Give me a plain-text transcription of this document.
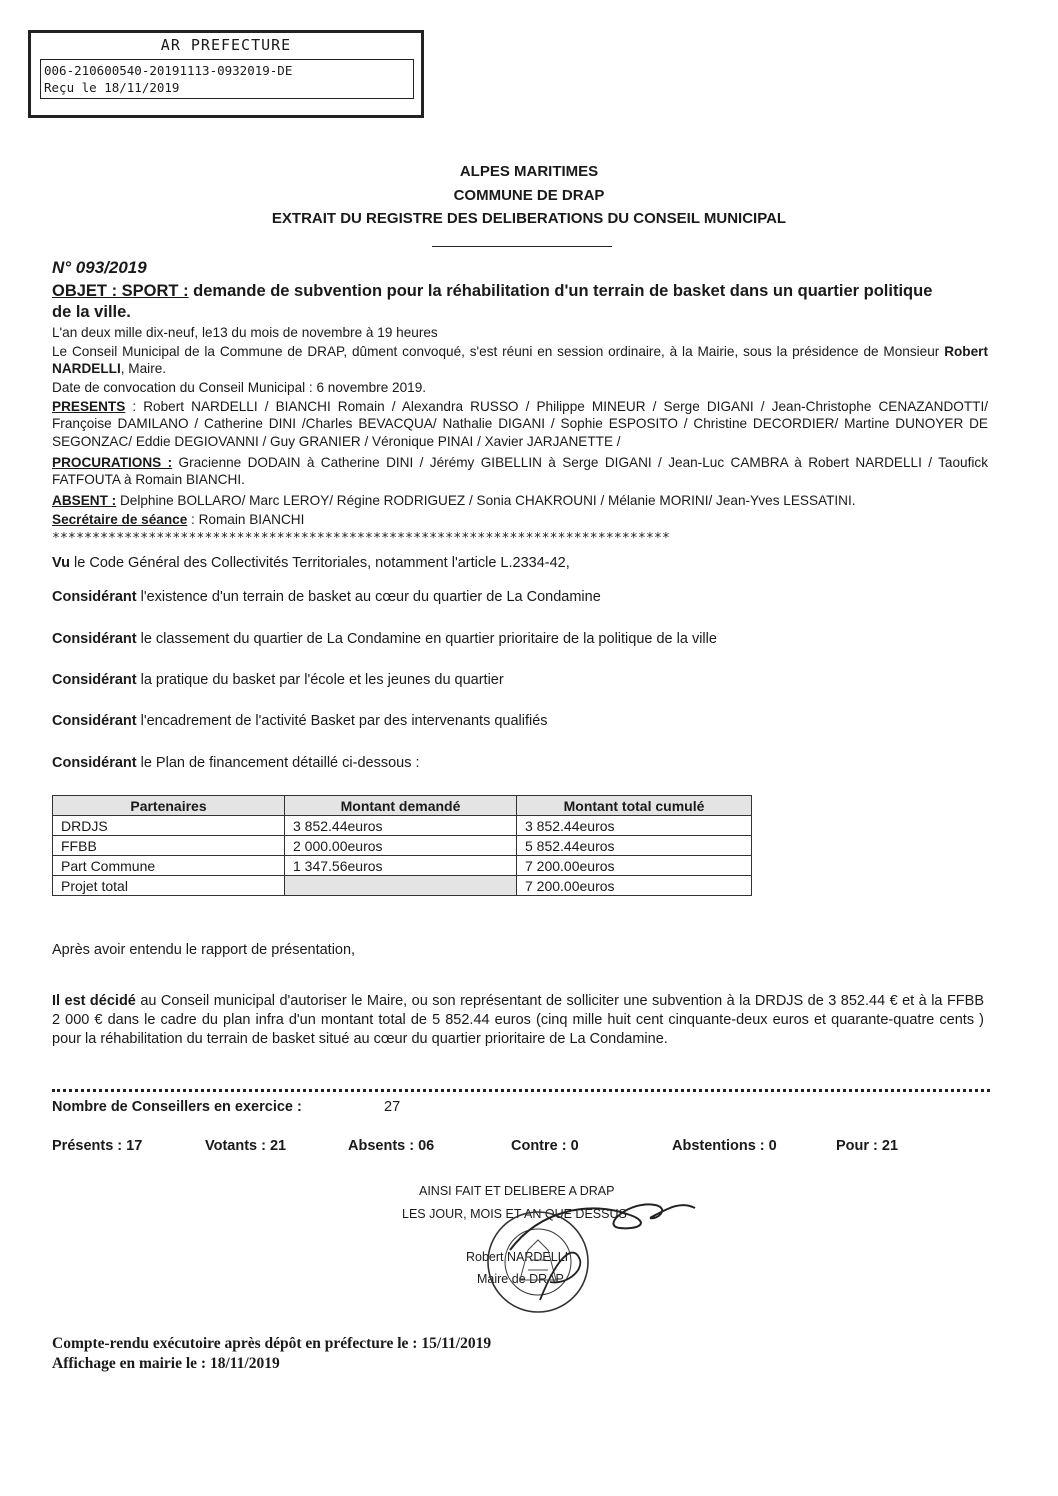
AR PREFECTURE
006-210600540-20191113-0932019-DE
Reçu le 18/11/2019
ALPES MARITIMES
COMMUNE DE DRAP
EXTRAIT DU REGISTRE DES DELIBERATIONS DU CONSEIL MUNICIPAL
N° 093/2019
OBJET : SPORT : demande de subvention pour la réhabilitation d'un terrain de basket dans un quartier politique de la ville.
L'an deux mille dix-neuf, le13 du mois de novembre à 19 heures
Le Conseil Municipal de la Commune de DRAP, dûment convoqué, s'est réuni en session ordinaire, à la Mairie, sous la présidence de Monsieur Robert NARDELLI, Maire.
Date de convocation du Conseil Municipal : 6 novembre 2019.
PRESENTS : Robert NARDELLI / BIANCHI Romain / Alexandra RUSSO / Philippe MINEUR / Serge DIGANI / Jean-Christophe CENAZANDOTTI/ Françoise DAMILANO / Catherine DINI /Charles BEVACQUA/ Nathalie DIGANI / Sophie ESPOSITO / Christine DECORDIER/ Martine DUNOYER DE SEGONZAC/ Eddie DEGIOVANNI / Guy GRANIER / Véronique PINAI / Xavier JARJANETTE /
PROCURATIONS : Gracienne DODAIN à Catherine DINI / Jérémy GIBELLIN à Serge DIGANI / Jean-Luc CAMBRA à Robert NARDELLI / Taoufick FATFOUTA à Romain BIANCHI.
ABSENT : Delphine BOLLARO/ Marc LEROY/ Régine RODRIGUEZ / Sonia CHAKROUNI / Mélanie MORINI/ Jean-Yves LESSATINI.
Secrétaire de séance : Romain BIANCHI
*****************************************************************************
Vu le Code Général des Collectivités Territoriales, notamment l'article L.2334-42,
Considérant l'existence d'un terrain de basket au cœur du quartier de La Condamine
Considérant le classement du quartier de La Condamine en quartier prioritaire de la politique de la ville
Considérant la pratique du basket par l'école et les jeunes du quartier
Considérant l'encadrement de l'activité Basket par des intervenants qualifiés
Considérant le Plan de financement détaillé ci-dessous :
Partenaires	Montant demandé	Montant total cumulé
DRDJS	3 852.44euros	3 852.44euros
FFBB	2 000.00euros	5 852.44euros
Part Commune	1 347.56euros	7 200.00euros
Projet total		7 200.00euros
Après avoir entendu le rapport de présentation,
Il est décidé au Conseil municipal d'autoriser le Maire, ou son représentant de solliciter une subvention à la DRDJS de 3 852.44 € et à la FFBB 2 000 € dans le cadre du plan infra d'un montant total de 5 852.44 euros (cinq mille huit cent cinquante-deux euros et quarante-quatre cents ) pour la réhabilitation du terrain de basket situé au cœur du quartier prioritaire de La Condamine.
Nombre de Conseillers en exercice :	27
Présents : 17	Votants : 21	Absents : 06	Contre : 0	Abstentions : 0	Pour : 21
AINSI FAIT ET DELIBERE A DRAP
LES JOUR, MOIS ET AN QUE DESSUS
Robert NARDELLI
Maire de DRAP
Compte-rendu exécutoire après dépôt en préfecture le : 15/11/2019
Affichage en mairie le : 18/11/2019
